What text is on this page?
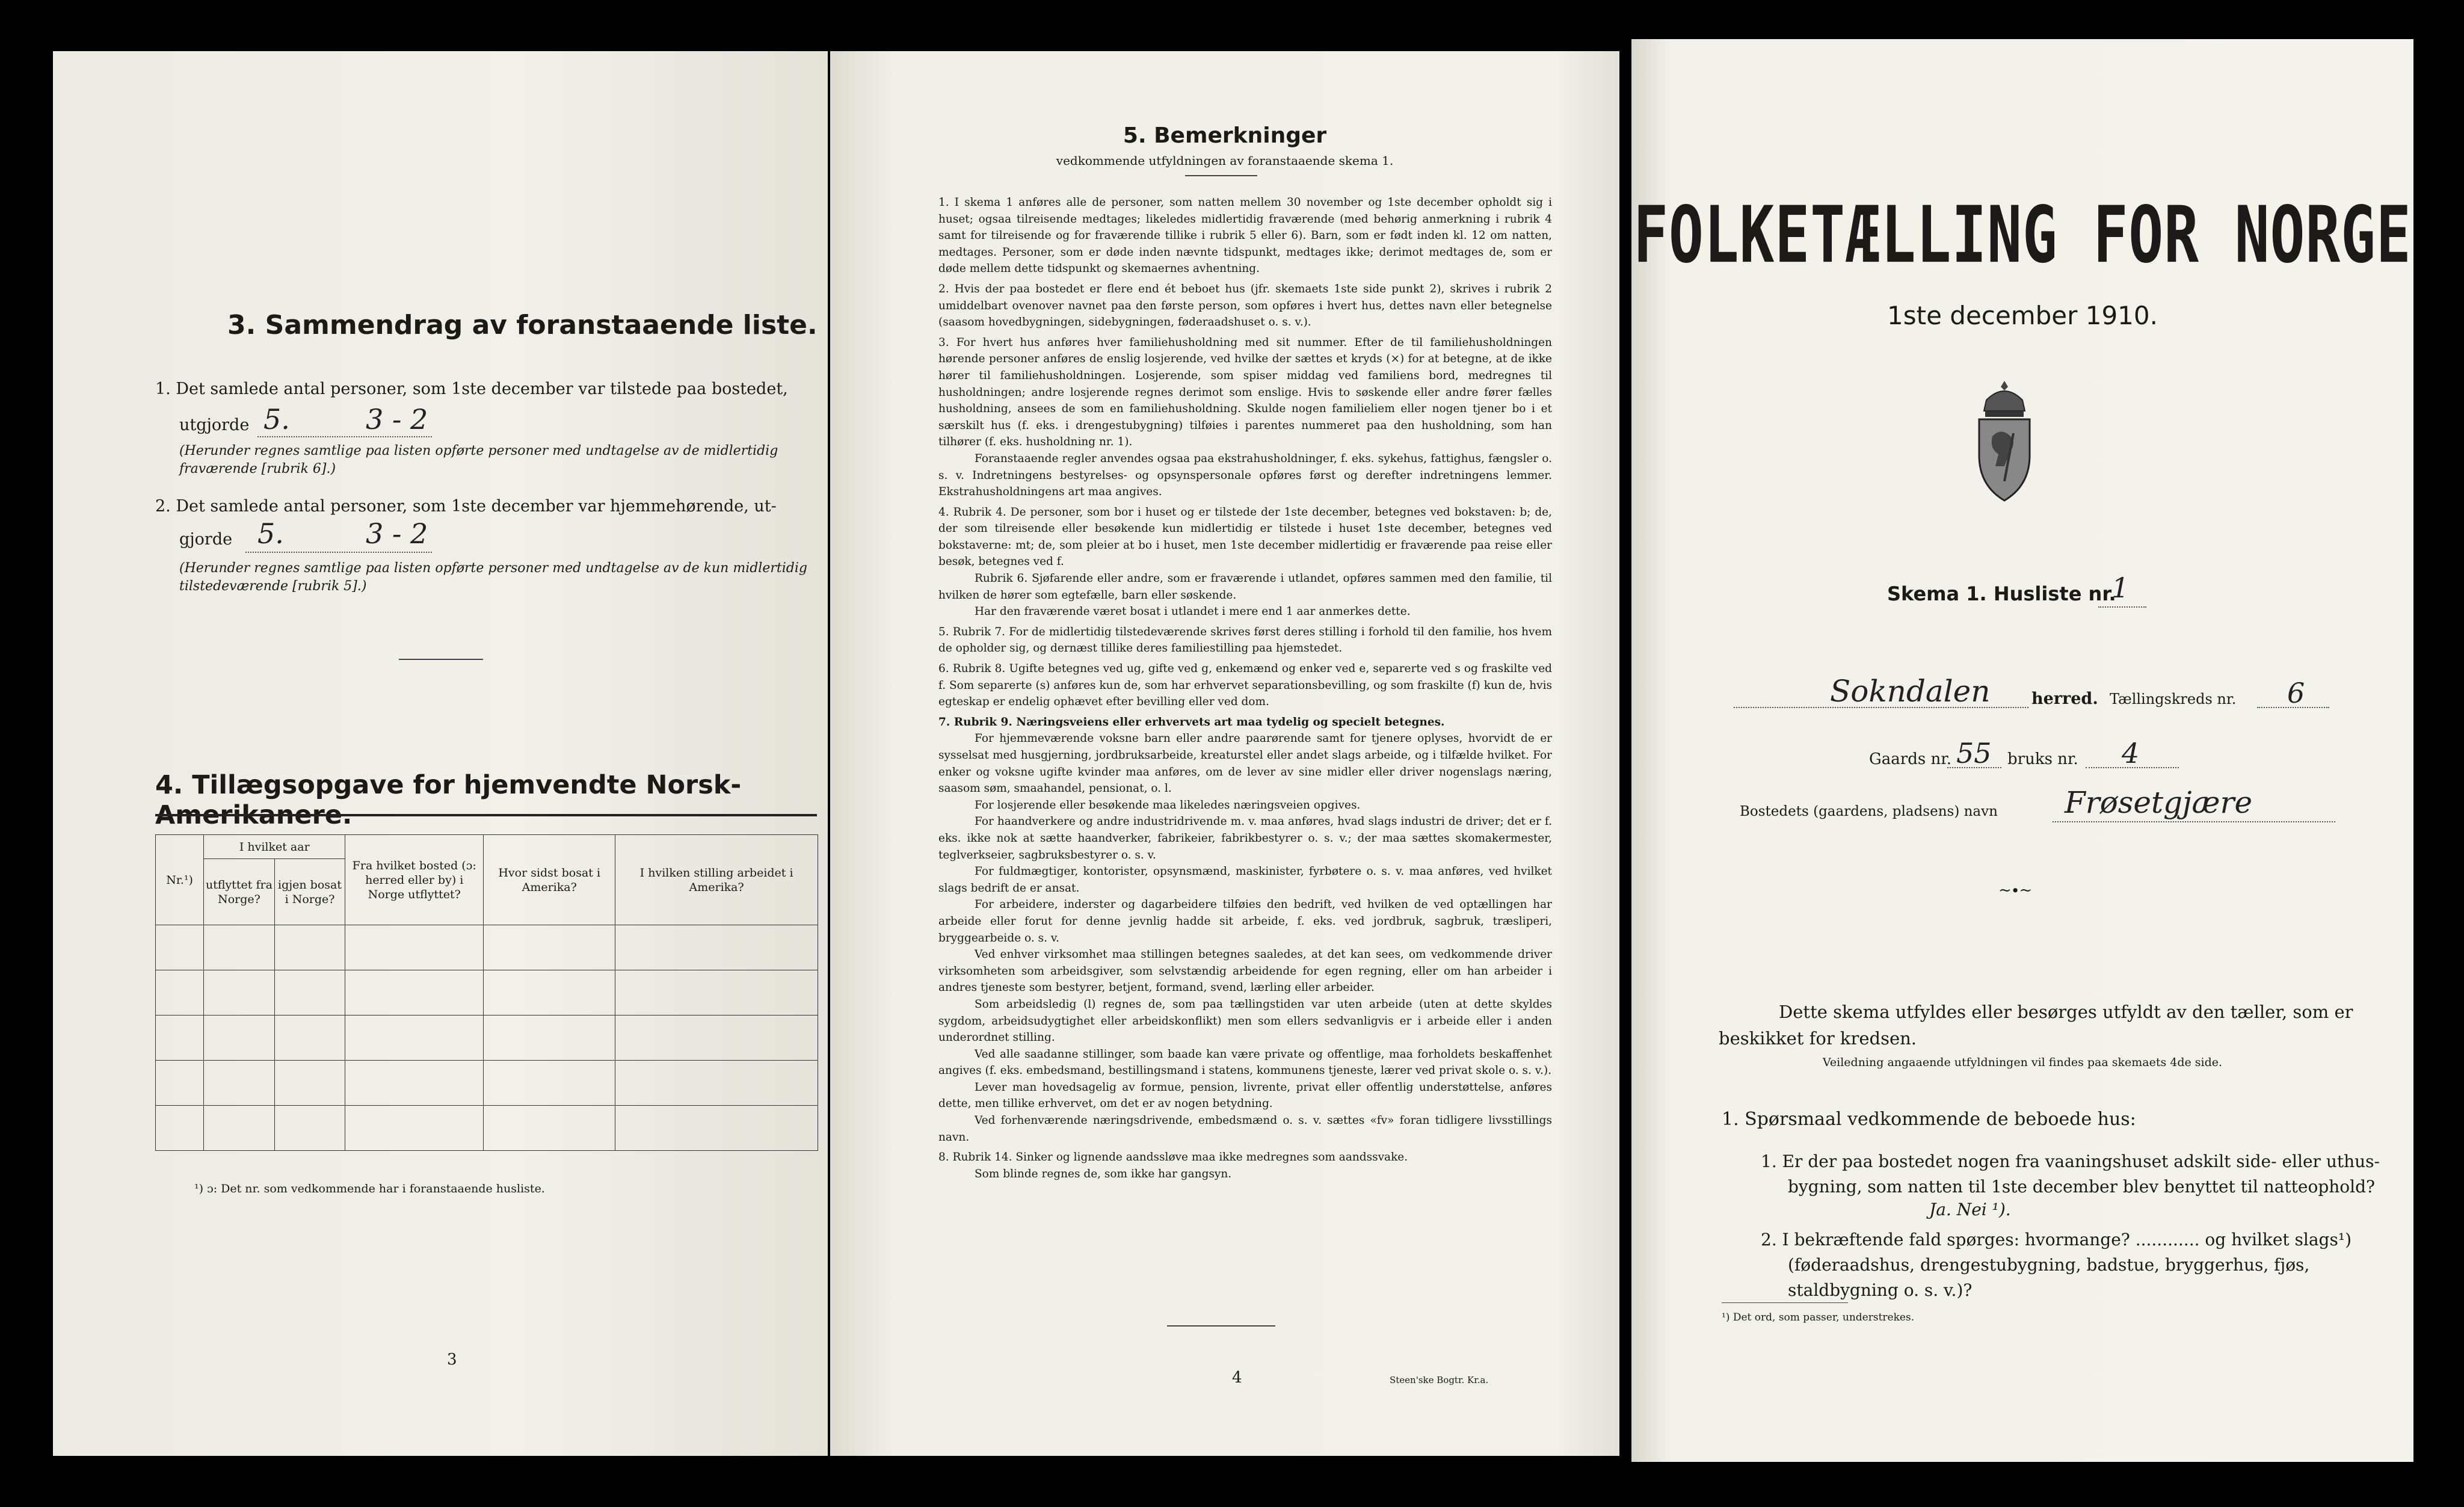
3. Sammendrag av foranstaaende liste.
1. Det samlede antal personer, som 1ste december var tilstede paa bostedet,
utgjorde 5.	3 - 2
(Herunder regnes samtlige paa listen opførte personer med undtagelse av de midlertidig fraværende [rubrik 6].)
2. Det samlede antal personer, som 1ste december var hjemmehørende, ut-
gjorde 5.	3 - 2
(Herunder regnes samtlige paa listen opførte personer med undtagelse av de kun midlertidig tilstedeværende [rubrik 5].)
4. Tillægsopgave for hjemvendte Norsk-Amerikanere.
Nr.¹)	I hvilket aar		Fra hvilket bosted (ɔ: herred eller by) i Norge utflyttet?	Hvor sidst bosat i Amerika?	I hvilken stilling arbeidet i Amerika?
	utflyttet fra Norge?	igjen bosat i Norge?			

¹) ɔ: Det nr. som vedkommende har i foranstaaende husliste.
3
5. Bemerkninger
vedkommende utfyldningen av foranstaaende skema 1.

1. I skema 1 anføres alle de personer, som natten mellem 30 november og 1ste december opholdt sig i huset; ogsaa tilreisende medtages; likeledes midlertidig fraværende (med behørig anmerkning i rubrik 4 samt for tilreisende og for fraværende tillike i rubrik 5 eller 6). Barn, som er født inden kl. 12 om natten, medtages. Personer, som er døde inden nævnte tidspunkt, medtages ikke; derimot medtages de, som er døde mellem dette tidspunkt og skemaernes avhentning.

2. Hvis der paa bostedet er flere end ét beboet hus (jfr. skemaets 1ste side punkt 2), skrives i rubrik 2 umiddelbart ovenover navnet paa den første person, som opføres i hvert hus, dettes navn eller betegnelse (saasom hovedbygningen, sidebygningen, føderaadshuset o. s. v.).

3. For hvert hus anføres hver familiehusholdning med sit nummer. Efter de til familiehusholdningen hørende personer anføres de enslig losjerende, ved hvilke der sættes et kryds (×) for at betegne, at de ikke hører til familiehusholdningen. Losjerende, som spiser middag ved familiens bord, medregnes til husholdningen; andre losjerende regnes derimot som enslige. Hvis to søskende eller andre fører fælles husholdning, ansees de som en familiehusholdning. Skulde nogen familieliem eller nogen tjener bo i et særskilt hus (f. eks. i drengestubygning) tilføies i parentes nummeret paa den husholdning, som han tilhører (f. eks. husholdning nr. 1).

Foranstaaende regler anvendes ogsaa paa ekstrahusholdninger, f. eks. sykehus, fattighus, fængsler o. s. v. Indretningens bestyrelses- og opsynspersonale opføres først og derefter indretningens lemmer. Ekstrahusholdningens art maa angives.

4. Rubrik 4. De personer, som bor i huset og er tilstede der 1ste december, betegnes ved bokstaven: b; de, der som tilreisende eller besøkende kun midlertidig er tilstede i huset 1ste december, betegnes ved bokstaverne: mt; de, som pleier at bo i huset, men 1ste december midlertidig er fraværende paa reise eller besøk, betegnes ved f.

Rubrik 6. Sjøfarende eller andre, som er fraværende i utlandet, opføres sammen med den familie, til hvilken de hører som egtefælle, barn eller søskende.

Har den fraværende været bosat i utlandet i mere end 1 aar anmerkes dette.

5. Rubrik 7. For de midlertidig tilstedeværende skrives først deres stilling i forhold til den familie, hos hvem de opholder sig, og dernæst tillike deres familiestilling paa hjemstedet.

6. Rubrik 8. Ugifte betegnes ved ug, gifte ved g, enkemænd og enker ved e, separerte ved s og fraskilte ved f. Som separerte (s) anføres kun de, som har erhvervet separationsbevilling, og som fraskilte (f) kun de, hvis egteskap er endelig ophævet efter bevilling eller ved dom.

7. Rubrik 9. Næringsveiens eller erhvervets art maa tydelig og specielt betegnes.

For hjemmeværende voksne barn eller andre paarørende samt for tjenere oplyses, hvorvidt de er sysselsat med husgjerning, jordbruksarbeide, kreaturstel eller andet slags arbeide, og i tilfælde hvilket. For enker og voksne ugifte kvinder maa anføres, om de lever av sine midler eller driver nogenslags næring, saasom søm, smaahandel, pensionat, o. l.

For losjerende eller besøkende maa likeledes næringsveien opgives.

For haandverkere og andre industridrivende m. v. maa anføres, hvad slags industri de driver; det er f. eks. ikke nok at sætte haandverker, fabrikeier, fabrikbestyrer o. s. v.; der maa sættes skomakermester, teglverkseier, sagbruksbestyrer o. s. v.

For fuldmægtiger, kontorister, opsynsmænd, maskinister, fyrbøtere o. s. v. maa anføres, ved hvilket slags bedrift de er ansat.

For arbeidere, inderster og dagarbeidere tilføies den bedrift, ved hvilken de ved optællingen har arbeide eller forut for denne jevnlig hadde sit arbeide, f. eks. ved jordbruk, sagbruk, træsliperi, bryggearbeide o. s. v.

Ved enhver virksomhet maa stillingen betegnes saaledes, at det kan sees, om vedkommende driver virksomheten som arbeidsgiver, som selvstændig arbeidende for egen regning, eller om han arbeider i andres tjeneste som bestyrer, betjent, formand, svend, lærling eller arbeider.

Som arbeidsledig (l) regnes de, som paa tællingstiden var uten arbeide (uten at dette skyldes sygdom, arbeidsudygtighet eller arbeidskonflikt) men som ellers sedvanligvis er i arbeide eller i anden underordnet stilling.

Ved alle saadanne stillinger, som baade kan være private og offentlige, maa forholdets beskaffenhet angives (f. eks. embedsmand, bestillingsmand i statens, kommunens tjeneste, lærer ved privat skole o. s. v.).

Lever man hovedsagelig av formue, pension, livrente, privat eller offentlig understøttelse, anføres dette, men tillike erhvervet, om det er av nogen betydning.

Ved forhenværende næringsdrivende, embedsmænd o. s. v. sættes «fv» foran tidligere livsstillings navn.

8. Rubrik 14. Sinker og lignende aandssløve maa ikke medregnes som aandssvake.

Som blinde regnes de, som ikke har gangsyn.

4	Steen'ske Bogtr. Kr.a.
FOLKETÆLLING FOR NORGE
1ste december 1910.
Skema 1. Husliste nr.
1
Sokndalen	herred. Tællingskreds nr. 6
Gaards nr. 55 bruks nr. 4
Bostedets (gaardens, pladsens) navn Frøsetgjære
~∙~
Dette skema utfyldes eller besørges utfyldt av den tæller, som er beskikket for kredsen.
Veiledning angaaende utfyldningen vil findes paa skemaets 4de side.
1. Spørsmaal vedkommende de beboede hus:
1. Er der paa bostedet nogen fra vaaningshuset adskilt side- eller uthus-bygning, som natten til 1ste december blev benyttet til natteophold?
Ja. Nei ¹).
2. I bekræftende fald spørges: hvormange? ............ og hvilket slags¹) (føderaadshus, drengestubygning, badstue, bryggerhus, fjøs, staldbygning o. s. v.)?
¹) Det ord, som passer, understrekes.
